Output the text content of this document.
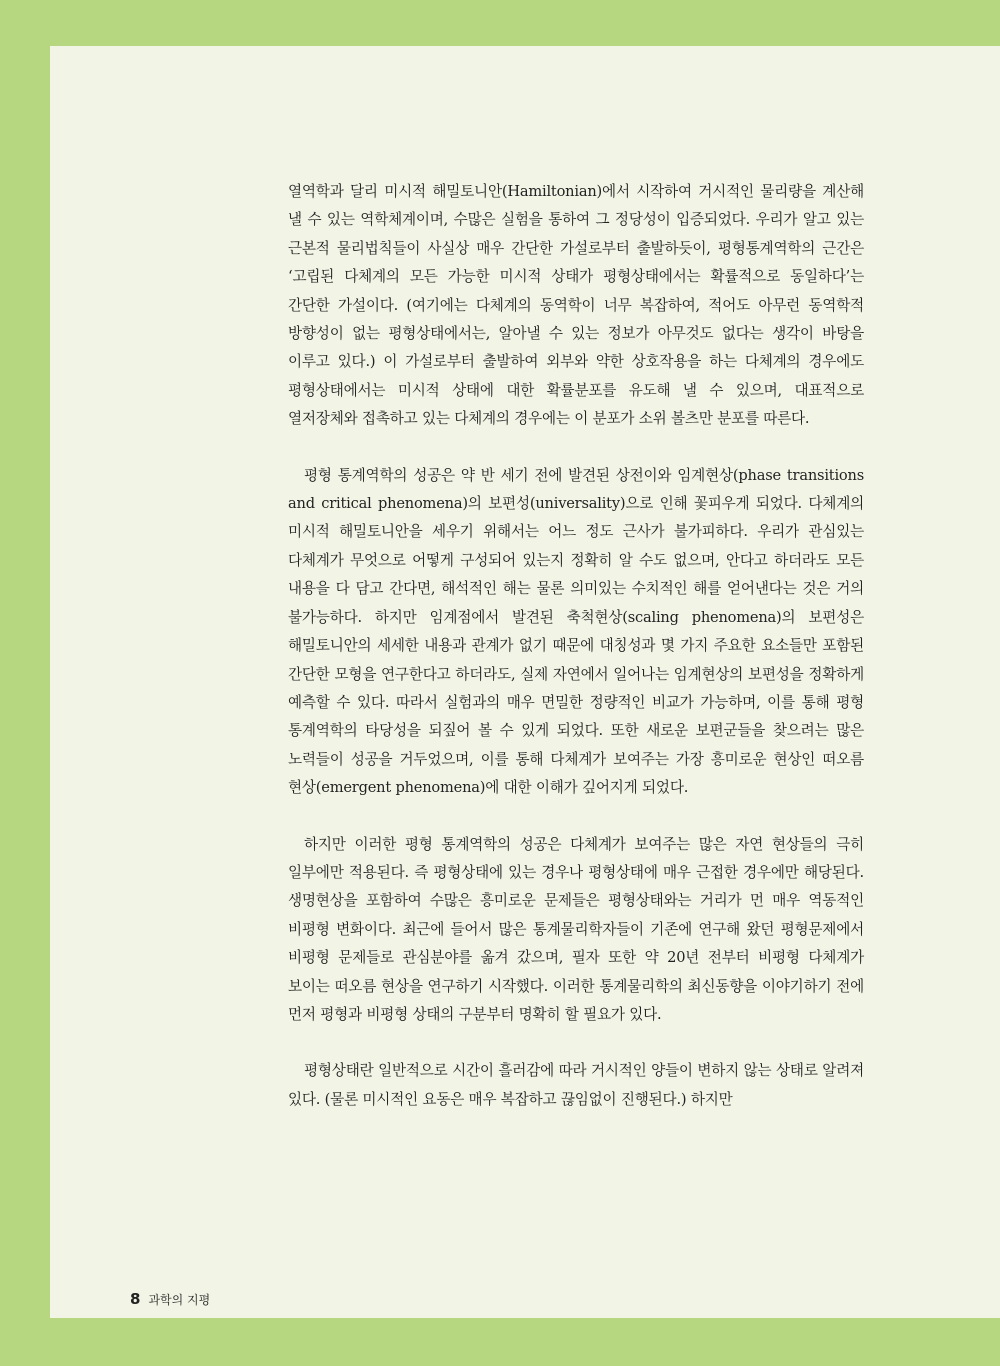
열역학과 달리 미시적 해밀토니안(Hamiltonian)에서 시작하여 거시적인 물리량을 계산해 낼 수 있는 역학체계이며, 수많은 실험을 통하여 그 정당성이 입증되었다. 우리가 알고 있는 근본적 물리법칙들이 사실상 매우 간단한 가설로부터 출발하듯이, 평형통계역학의 근간은 ‘고립된 다체계의 모든 가능한 미시적 상태가 평형상태에서는 확률적으로 동일하다’는 간단한 가설이다. (여기에는 다체계의 동역학이 너무 복잡하여, 적어도 아무런 동역학적 방향성이 없는 평형상태에서는, 알아낼 수 있는 정보가 아무것도 없다는 생각이 바탕을 이루고 있다.) 이 가설로부터 출발하여 외부와 약한 상호작용을 하는 다체계의 경우에도 평형상태에서는 미시적 상태에 대한 확률분포를 유도해 낼 수 있으며, 대표적으로 열저장체와 접촉하고 있는 다체계의 경우에는 이 분포가 소위 볼츠만 분포를 따른다.

평형 통계역학의 성공은 약 반 세기 전에 발견된 상전이와 임계현상(phase transitions and critical phenomena)의 보편성(universality)으로 인해 꽃피우게 되었다. 다체계의 미시적 해밀토니안을 세우기 위해서는 어느 정도 근사가 불가피하다. 우리가 관심있는 다체계가 무엇으로 어떻게 구성되어 있는지 정확히 알 수도 없으며, 안다고 하더라도 모든 내용을 다 담고 간다면, 해석적인 해는 물론 의미있는 수치적인 해를 얻어낸다는 것은 거의 불가능하다. 하지만 임계점에서 발견된 축척현상(scaling phenomena)의 보편성은 해밀토니안의 세세한 내용과 관계가 없기 때문에 대칭성과 몇 가지 주요한 요소들만 포함된 간단한 모형을 연구한다고 하더라도, 실제 자연에서 일어나는 임계현상의 보편성을 정확하게 예측할 수 있다. 따라서 실험과의 매우 면밀한 정량적인 비교가 가능하며, 이를 통해 평형 통계역학의 타당성을 되짚어 볼 수 있게 되었다. 또한 새로운 보편군들을 찾으려는 많은 노력들이 성공을 거두었으며, 이를 통해 다체계가 보여주는 가장 흥미로운 현상인 떠오름 현상(emergent phenomena)에 대한 이해가 깊어지게 되었다.

하지만 이러한 평형 통계역학의 성공은 다체계가 보여주는 많은 자연 현상들의 극히 일부에만 적용된다. 즉 평형상태에 있는 경우나 평형상태에 매우 근접한 경우에만 해당된다. 생명현상을 포함하여 수많은 흥미로운 문제들은 평형상태와는 거리가 먼 매우 역동적인 비평형 변화이다. 최근에 들어서 많은 통계물리학자들이 기존에 연구해 왔던 평형문제에서 비평형 문제들로 관심분야를 옮겨 갔으며, 필자 또한 약 20년 전부터 비평형 다체계가 보이는 떠오름 현상을 연구하기 시작했다. 이러한 통계물리학의 최신동향을 이야기하기 전에 먼저 평형과 비평형 상태의 구분부터 명확히 할 필요가 있다.

평형상태란 일반적으로 시간이 흘러감에 따라 거시적인 양들이 변하지 않는 상태로 알려져 있다. (물론 미시적인 요동은 매우 복잡하고 끊임없이 진행된다.) 하지만

8 과학의 지평
